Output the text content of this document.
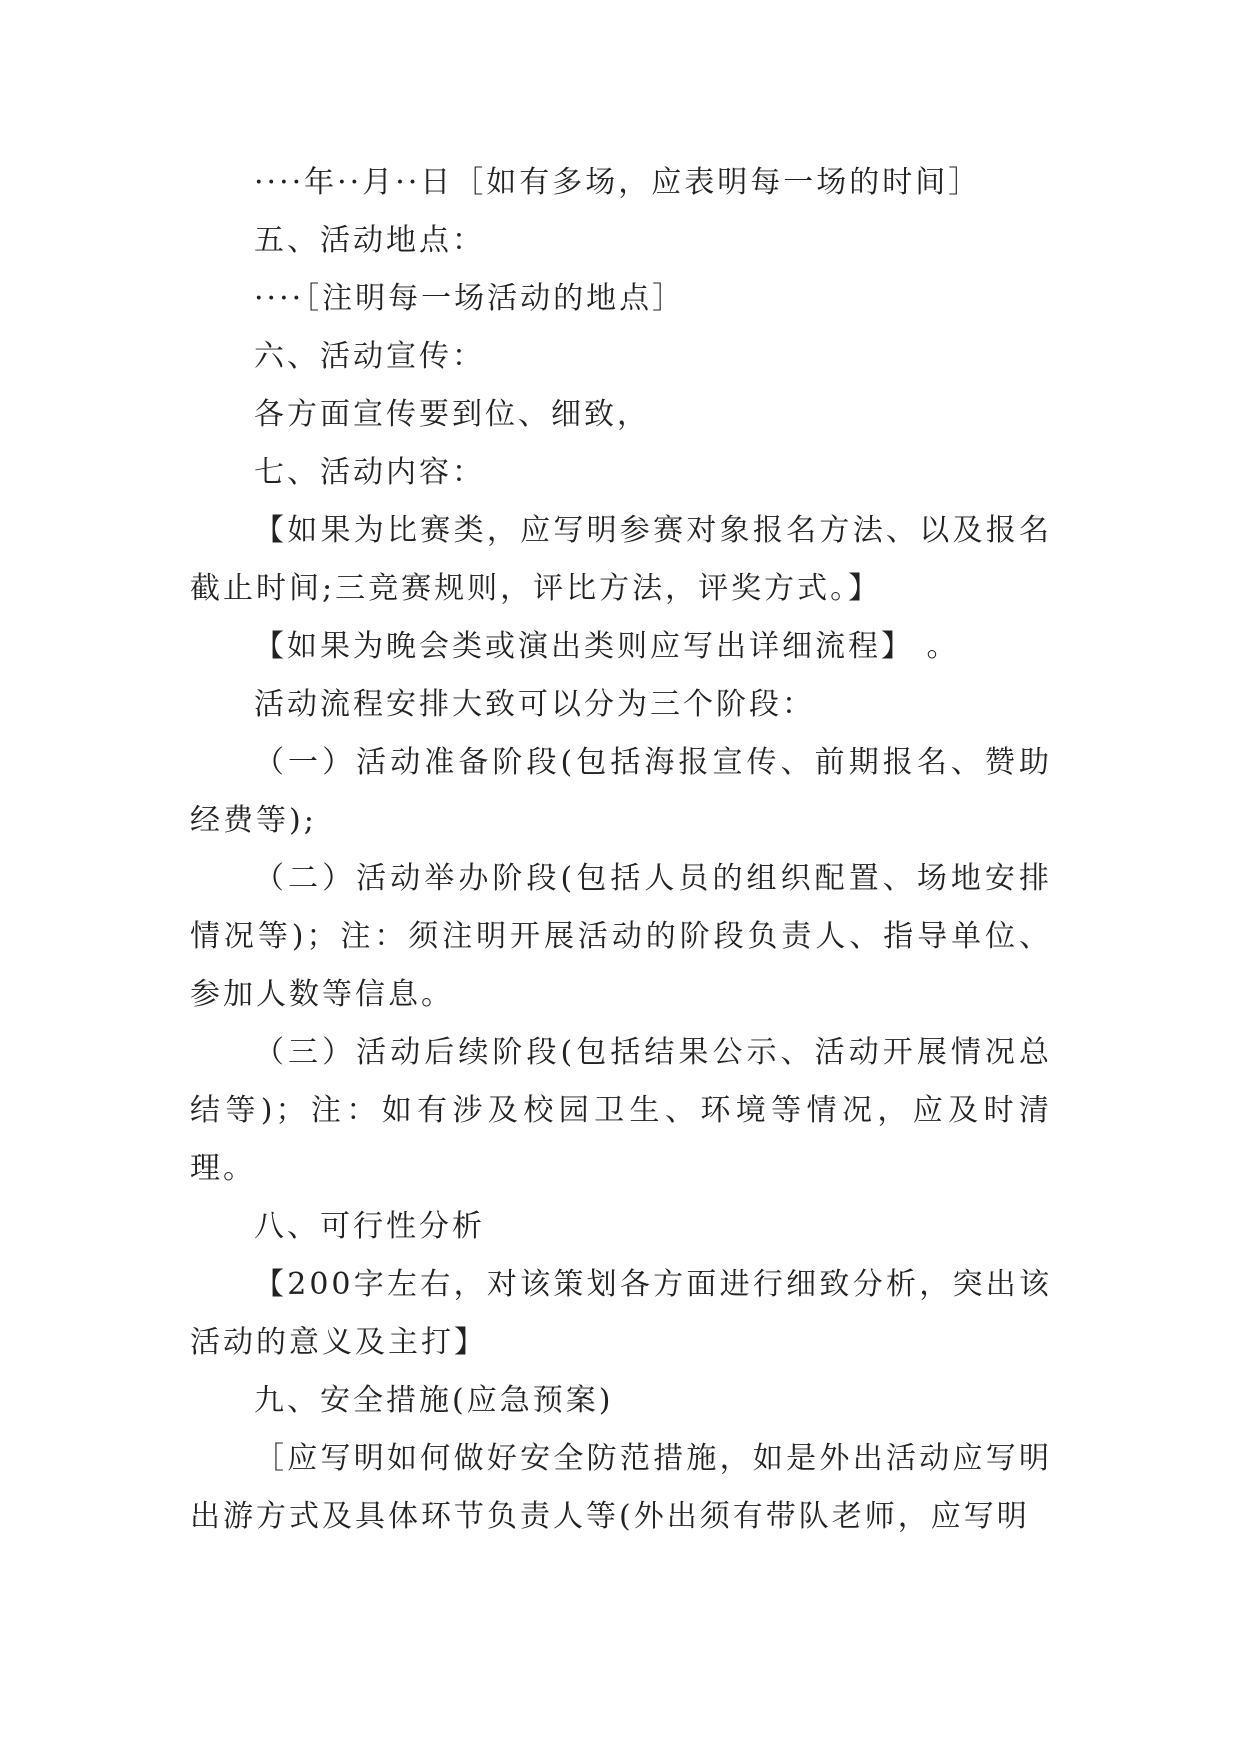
····年··月··日［如有多场，应表明每一场的时间］

五、活动地点：

····［注明每一场活动的地点］

六、活动宣传：

各方面宣传要到位、细致，

七、活动内容：

【如果为比赛类，应写明参赛对象报名方法、以及报名截止时间;三竞赛规则，评比方法，评奖方式。】

【如果为晚会类或演出类则应写出详细流程】 。

活动流程安排大致可以分为三个阶段：

（一）活动准备阶段(包括海报宣传、前期报名、赞助经费等);

（二）活动举办阶段(包括人员的组织配置、场地安排情况等)；注：须注明开展活动的阶段负责人、指导单位、参加人数等信息。

（三）活动后续阶段(包括结果公示、活动开展情况总结等)；注：如有涉及校园卫生、环境等情况，应及时清理。

八、可行性分析

【200字左右，对该策划各方面进行细致分析，突出该活动的意义及主打】

九、安全措施(应急预案)

［应写明如何做好安全防范措施，如是外出活动应写明出游方式及具体环节负责人等(外出须有带队老师，应写明
